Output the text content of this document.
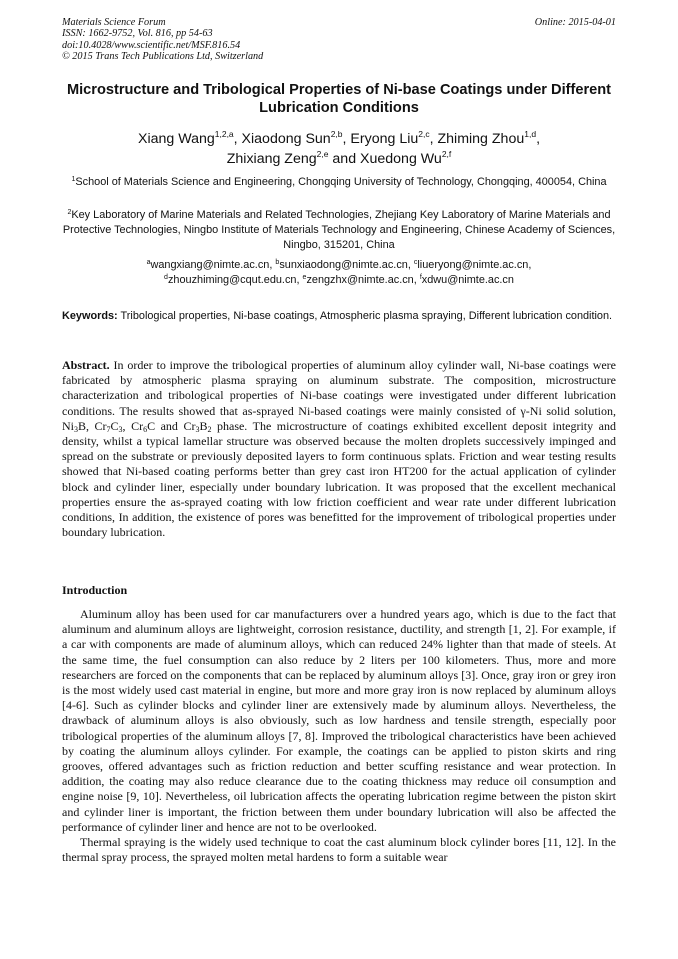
Materials Science Forum
ISSN: 1662-9752, Vol. 816, pp 54-63
doi:10.4028/www.scientific.net/MSF.816.54
© 2015 Trans Tech Publications Ltd, Switzerland
Online: 2015-04-01
Microstructure and Tribological Properties of Ni-base Coatings under Different Lubrication Conditions
Xiang Wang$^{1,2,a}$, Xiaodong Sun$^{2,b}$, Eryong Liu$^{2,c}$, Zhiming Zhou$^{1,d}$,
Zhixiang Zeng$^{2,e}$ and Xuedong Wu$^{2,f}$
$^1$School of Materials Science and Engineering, Chongqing University of Technology, Chongqing, 400054, China
$^2$Key Laboratory of Marine Materials and Related Technologies, Zhejiang Key Laboratory of Marine Materials and Protective Technologies, Ningbo Institute of Materials Technology and Engineering, Chinese Academy of Sciences, Ningbo, 315201, China
$^a$wangxiang@nimte.ac.cn, $^b$sunxiaodong@nimte.ac.cn, $^c$liueryong@nimte.ac.cn,
$^d$zhouzhiming@cqut.edu.cn, $^e$zengzhx@nimte.ac.cn, $^f$xdwu@nimte.ac.cn
Keywords: Tribological properties, Ni-base coatings, Atmospheric plasma spraying, Different lubrication condition.
Abstract. In order to improve the tribological properties of aluminum alloy cylinder wall, Ni-base coatings were fabricated by atmospheric plasma spraying on aluminum substrate. The composition, microstructure characterization and tribological properties of Ni-base coatings were investigated under different lubrication conditions. The results showed that as-sprayed Ni-based coatings were mainly consisted of γ-Ni solid solution, $Ni_3B$, $Cr_7C_3$, $Cr_6C$ and $Cr_3B_2$ phase. The microstructure of coatings exhibited excellent deposit integrity and density, whilst a typical lamellar structure was observed because the molten droplets successively impinged and spread on the substrate or previously deposited layers to form continuous splats. Friction and wear testing results showed that Ni-based coating performs better than grey cast iron HT200 for the actual application of cylinder block and cylinder liner, especially under boundary lubrication. It was proposed that the excellent mechanical properties ensure the as-sprayed coating with low friction coefficient and wear rate under different lubrication conditions, In addition, the existence of pores was benefitted for the improvement of tribological properties under boundary lubrication.
Introduction

Aluminum alloy has been used for car manufacturers over a hundred years ago, which is due to the fact that aluminum and aluminum alloys are lightweight, corrosion resistance, ductility, and strength [1, 2]. For example, if a car with components are made of aluminum alloys, which can reduced 24% lighter than that made of steels. At the same time, the fuel consumption can also reduce by 2 liters per 100 kilometers. Thus, more and more researchers are forced on the components that can be replaced by aluminum alloys [3]. Once, gray iron or grey iron is the most widely used cast material in engine, but more and more gray iron is now replaced by aluminum alloys [4-6]. Such as cylinder blocks and cylinder liner are extensively made by aluminum alloys. Nevertheless, the drawback of aluminum alloys is also obviously, such as low hardness and tensile strength, especially poor tribological properties of the aluminum alloys [7, 8]. Improved the tribological characteristics have been achieved by coating the aluminum alloys cylinder. For example, the coatings can be applied to piston skirts and ring grooves, offered advantages such as friction reduction and better scuffing resistance and wear protection. In addition, the coating may also reduce clearance due to the coating thickness may reduce oil consumption and engine noise [9, 10]. Nevertheless, oil lubrication affects the operating lubrication regime between the piston skirt and cylinder liner is important, the friction between them under boundary lubrication will also be affected the performance of cylinder liner and hence are not to be overlooked.

Thermal spraying is the widely used technique to coat the cast aluminum block cylinder bores [11, 12]. In the thermal spray process, the sprayed molten metal hardens to form a suitable wear
